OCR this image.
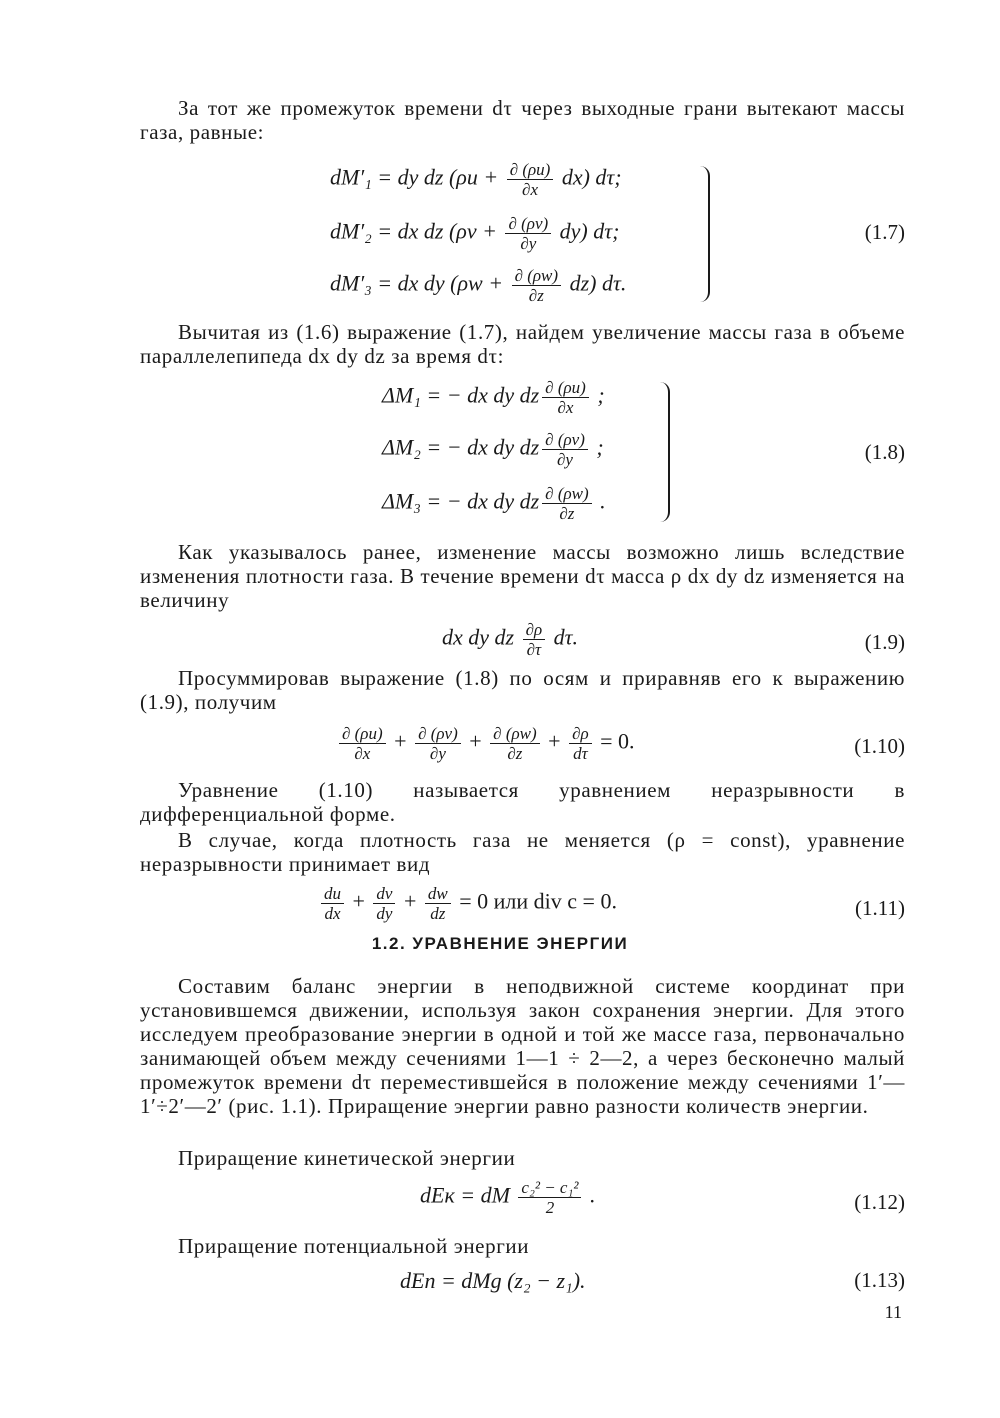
За тот же промежуток времени dτ через выходные грани вытекают массы газа, равные:
dM′₁ = dy dz $(\rho u + \frac{\partial (\rho u)}{\partial x} dx)$ dτ;
dM′₂ = dx dz $(\rho v + \frac{\partial (\rho v)}{\partial y} dy)$ dτ;
dM′₃ = dx dy $(\rho w + \frac{\partial (\rho w)}{\partial z} dz)$ dτ.
(1.7)
Вычитая из (1.6) выражение (1.7), найдем увеличение массы газа в объеме параллелепипеда dx dy dz за время dτ:
ΔM₁ = − dx dy dz $\frac{\partial (\rho u)}{\partial x}$ ;
ΔM₂ = − dx dy dz $\frac{\partial (\rho v)}{\partial y}$ ;
ΔM₃ = − dx dy dz $\frac{\partial (\rho w)}{\partial z}$ .
(1.8)
Как указывалось ранее, изменение массы возможно лишь вследствие изменения плотности газа. В течение времени dτ масса ρ dx dy dz изменяется на величину
dx dy dz $\frac{\partial\rho}{\partial\tau} d\tau$.	(1.9)
Просуммировав выражение (1.8) по осям и приравняв его к выражению (1.9), получим
$\frac{\partial (\rho u)}{\partial x} + \frac{\partial (\rho v)}{\partial y} + \frac{\partial (\rho w)}{\partial z} + \frac{\partial\rho}{d\tau} = 0$.	(1.10)
Уравнение (1.10) называется уравнением неразрывности в дифференциальной форме.
В случае, когда плотность газа не меняется (ρ = const), уравнение неразрывности принимает вид
$\frac{du}{dx} + \frac{dv}{dy} + \frac{dw}{dz} = 0$ или div c = 0.	(1.11)
1.2. УРАВНЕНИЕ ЭНЕРГИИ
Составим баланс энергии в неподвижной системе координат при установившемся движении, используя закон сохранения энергии. Для этого исследуем преобразование энергии в одной и той же массе газа, первоначально занимающей объем между сечениями 1—1 ÷ 2—2, а через бесконечно малый промежуток времени dτ переместившейся в положение между сечениями 1′—1′÷2′—2′ (рис. 1.1). Приращение энергии равно разности количеств энергии.
Приращение кинетической энергии
dEк = dM $\frac{\text{c₂² − c₁²}}{2}$ .	(1.12)
Приращение потенциальной энергии
dEп = dMg (z₂ − z₁).	(1.13)
11
